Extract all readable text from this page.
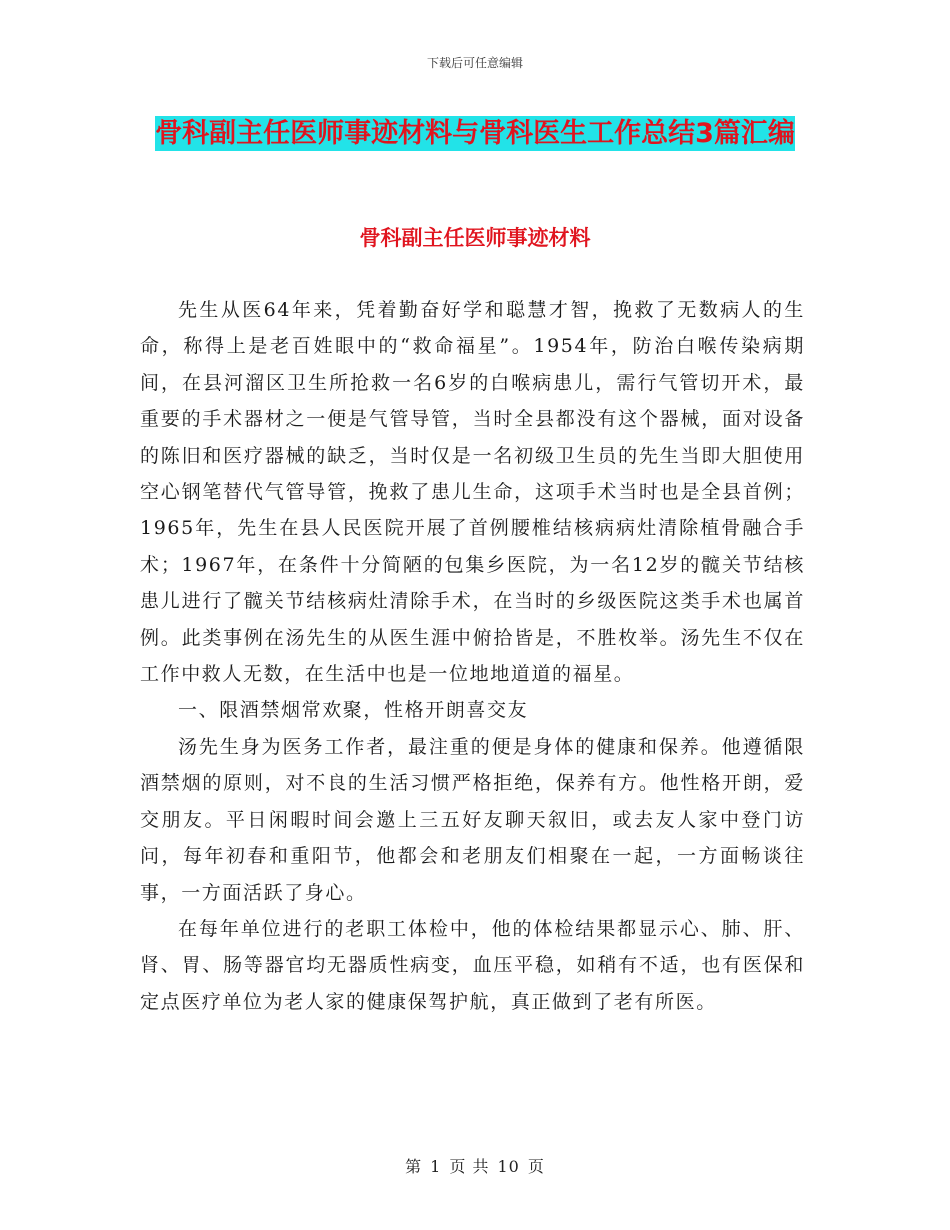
下载后可任意编辑
骨科副主任医师事迹材料与骨科医生工作总结3篇汇编
骨科副主任医师事迹材料

先生从医64年来，凭着勤奋好学和聪慧才智，挽救了无数病人的生命，称得上是老百姓眼中的“救命福星”。1954年，防治白喉传染病期间，在县河溜区卫生所抢救一名6岁的白喉病患儿，需行气管切开术，最重要的手术器材之一便是气管导管，当时全县都没有这个器械，面对设备的陈旧和医疗器械的缺乏，当时仅是一名初级卫生员的先生当即大胆使用空心钢笔替代气管导管，挽救了患儿生命，这项手术当时也是全县首例；1965年，先生在县人民医院开展了首例腰椎结核病病灶清除植骨融合手术；1967年，在条件十分简陋的包集乡医院，为一名12岁的髋关节结核患儿进行了髋关节结核病灶清除手术，在当时的乡级医院这类手术也属首例。此类事例在汤先生的从医生涯中俯拾皆是，不胜枚举。汤先生不仅在工作中救人无数，在生活中也是一位地地道道的福星。

一、限酒禁烟常欢聚，性格开朗喜交友

汤先生身为医务工作者，最注重的便是身体的健康和保养。他遵循限酒禁烟的原则，对不良的生活习惯严格拒绝，保养有方。他性格开朗，爱交朋友。平日闲暇时间会邀上三五好友聊天叙旧，或去友人家中登门访问，每年初春和重阳节，他都会和老朋友们相聚在一起，一方面畅谈往事，一方面活跃了身心。

在每年单位进行的老职工体检中，他的体检结果都显示心、肺、肝、肾、胃、肠等器官均无器质性病变，血压平稳，如稍有不适，也有医保和定点医疗单位为老人家的健康保驾护航，真正做到了老有所医。

第 1 页 共 10 页
